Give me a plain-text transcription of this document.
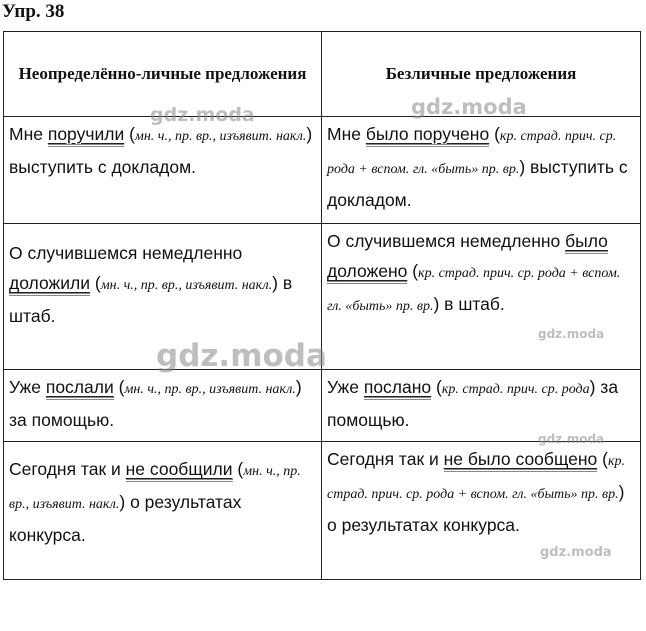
Упр. 38
Неопределённо-личные предложения	Безличные предложения

Мне поручили (мн. ч., пр. вр., изъявит. накл.) выступить с докладом.	Мне было поручено (кр. страд. прич. ср. рода + вспом. гл. «быть» пр. вр.) выступить с докладом.

О случившемся немедленно доложили (мн. ч., пр. вр., изъявит. накл.) в штаб.	О случившемся немедленно было доложено (кр. страд. прич. ср. рода + вспом. гл. «быть» пр. вр.) в штаб.

Уже послали (мн. ч., пр. вр., изъявит. накл.) за помощью.	Уже послано (кр. страд. прич. ср. рода) за помощью.

Сегодня так и не сообщили (мн. ч., пр. вр., изъявит. накл.) о результатах конкурса.	Сегодня так и не было сообщено (кр. страд. прич. ср. рода + вспом. гл. «быть» пр. вр.) о результатах конкурса.
gdz.moda	gdz.moda
gdz.moda
gdz.moda
gdz.moda
gdz.moda
